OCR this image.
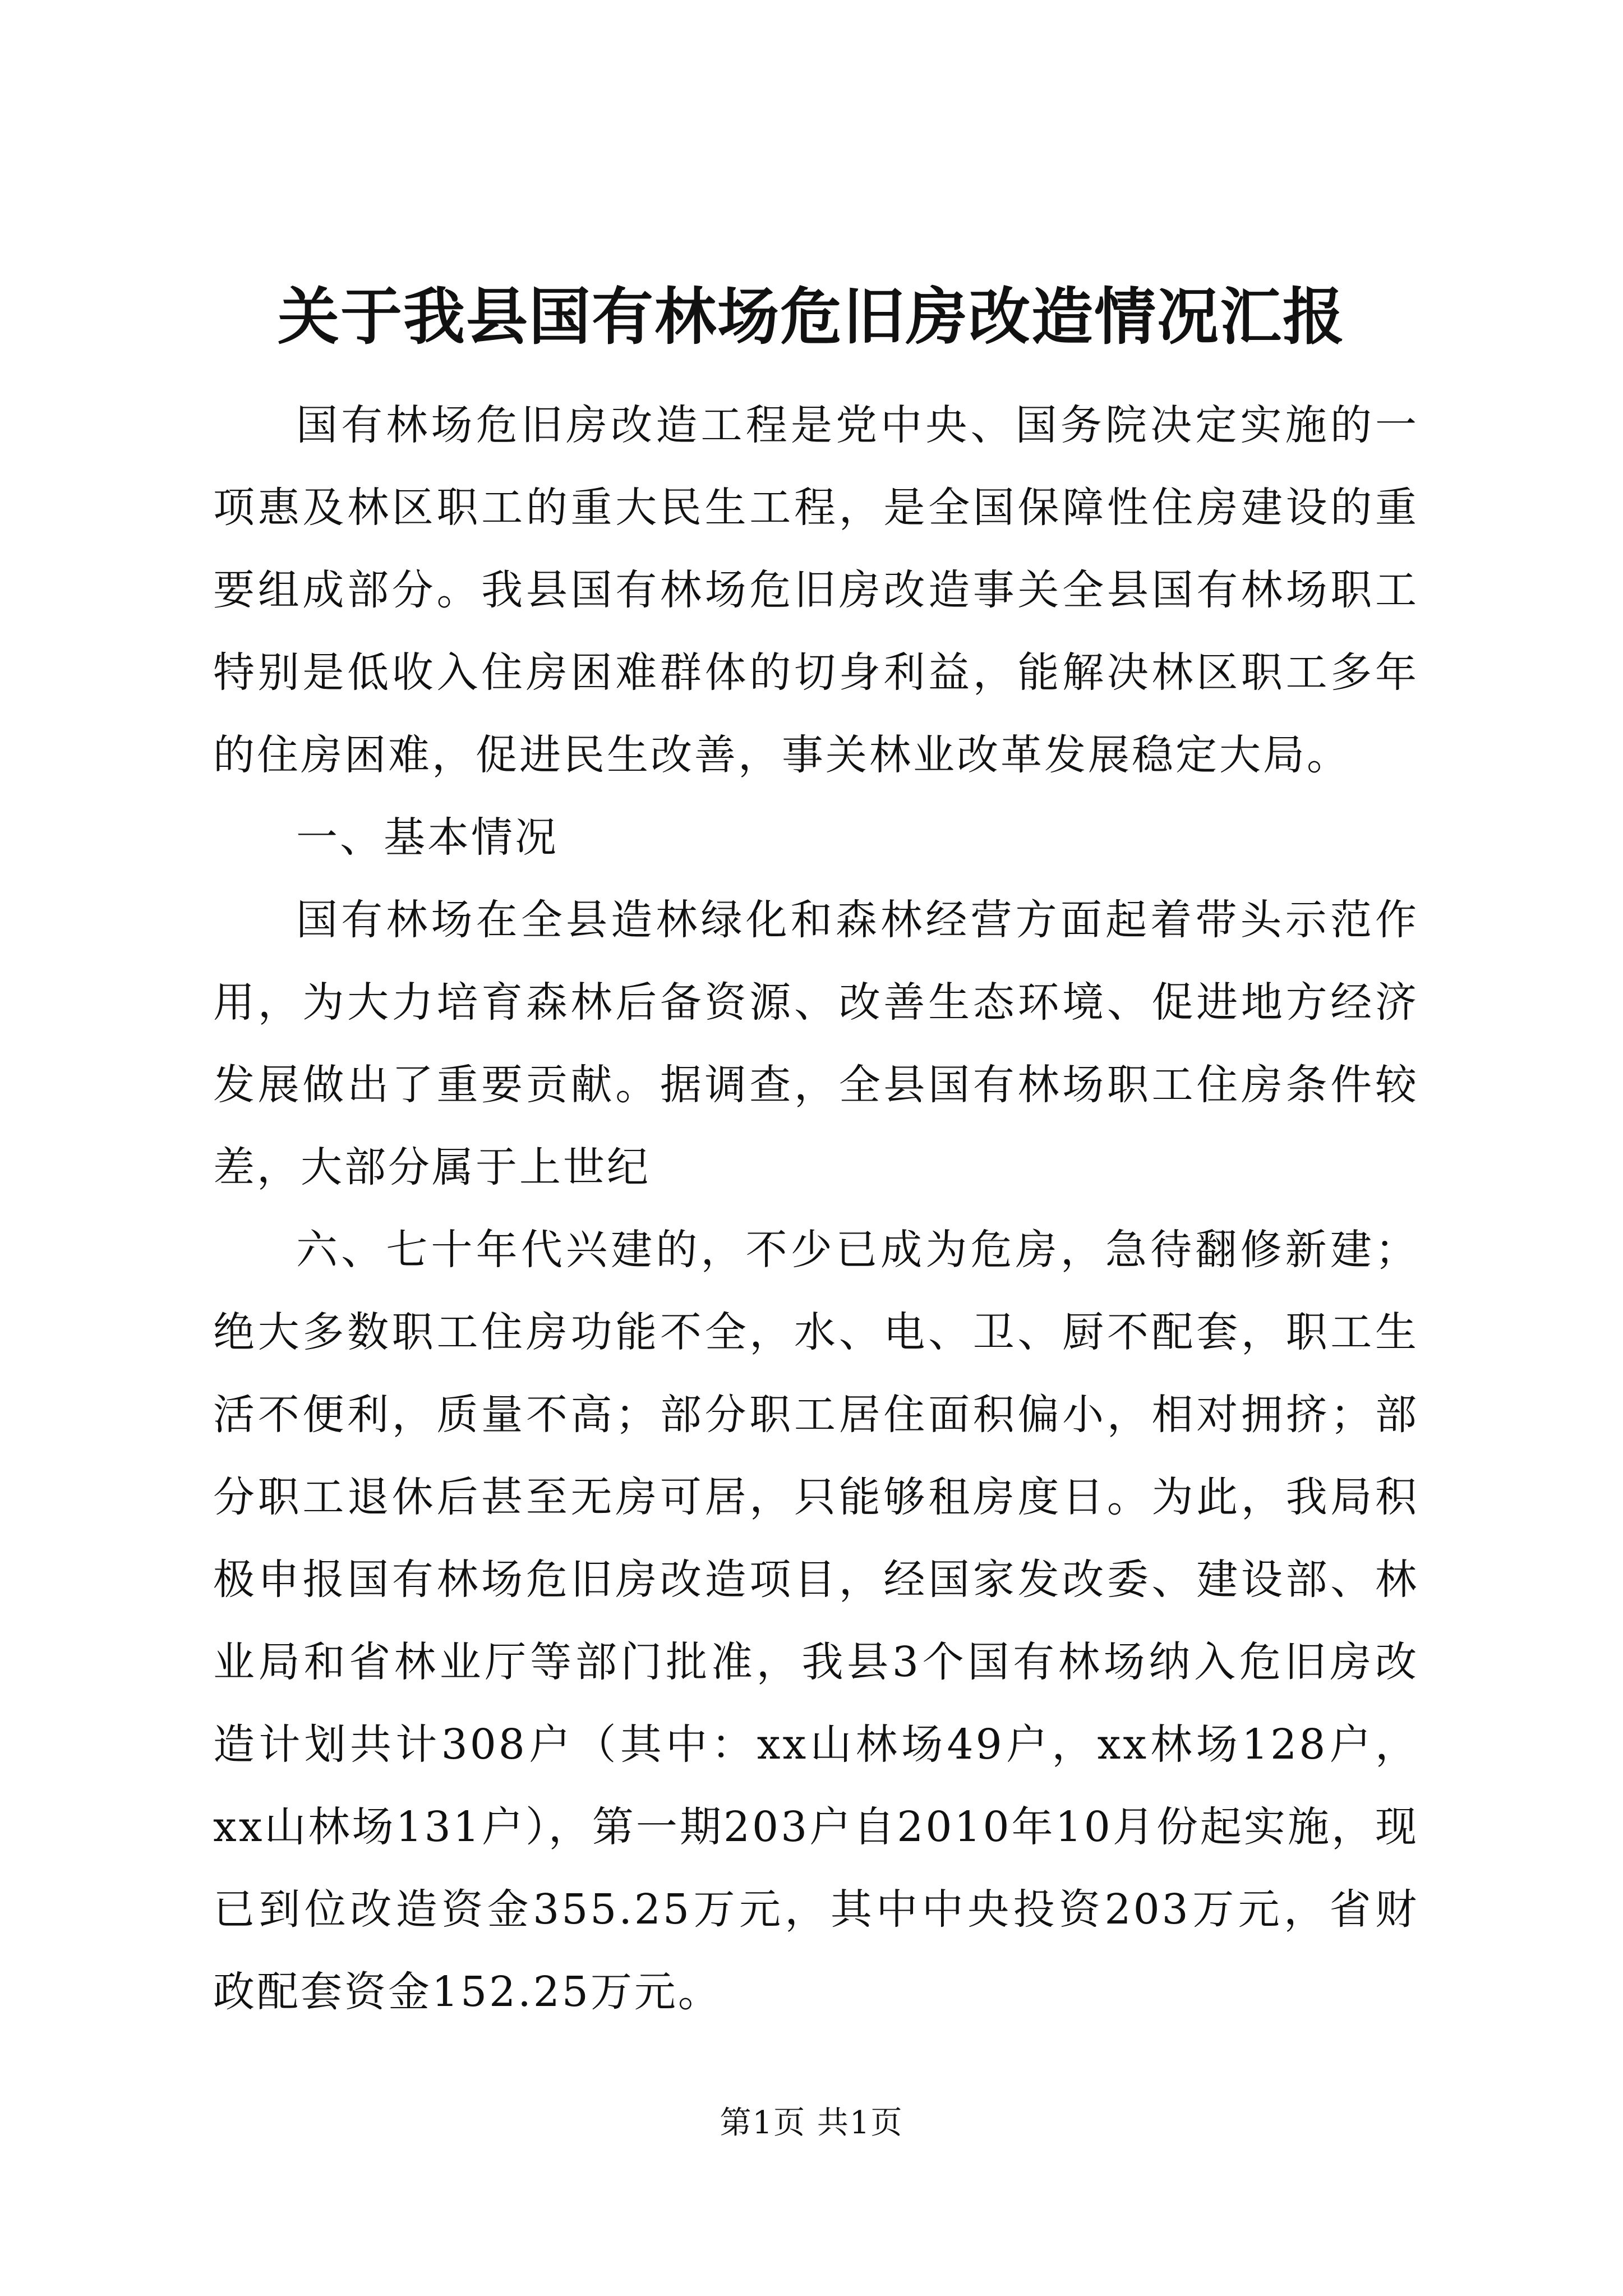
关于我县国有林场危旧房改造情况汇报

国有林场危旧房改造工程是党中央、国务院决定实施的一项惠及林区职工的重大民生工程，是全国保障性住房建设的重要组成部分。我县国有林场危旧房改造事关全县国有林场职工特别是低收入住房困难群体的切身利益，能解决林区职工多年的住房困难，促进民生改善，事关林业改革发展稳定大局。

一、基本情况

国有林场在全县造林绿化和森林经营方面起着带头示范作用，为大力培育森林后备资源、改善生态环境、促进地方经济发展做出了重要贡献。据调查，全县国有林场职工住房条件较差，大部分属于上世纪

六、七十年代兴建的，不少已成为危房，急待翻修新建；绝大多数职工住房功能不全，水、电、卫、厨不配套，职工生活不便利，质量不高；部分职工居住面积偏小，相对拥挤；部分职工退休后甚至无房可居，只能够租房度日。为此，我局积极申报国有林场危旧房改造项目，经国家发改委、建设部、林业局和省林业厅等部门批准，我县3个国有林场纳入危旧房改造计划共计308户（其中：xx山林场49户，xx林场128户，xx山林场131户），第一期203户自2010年10月份起实施，现已到位改造资金355.25万元，其中中央投资203万元，省财政配套资金152.25万元。

第1页 共1页
